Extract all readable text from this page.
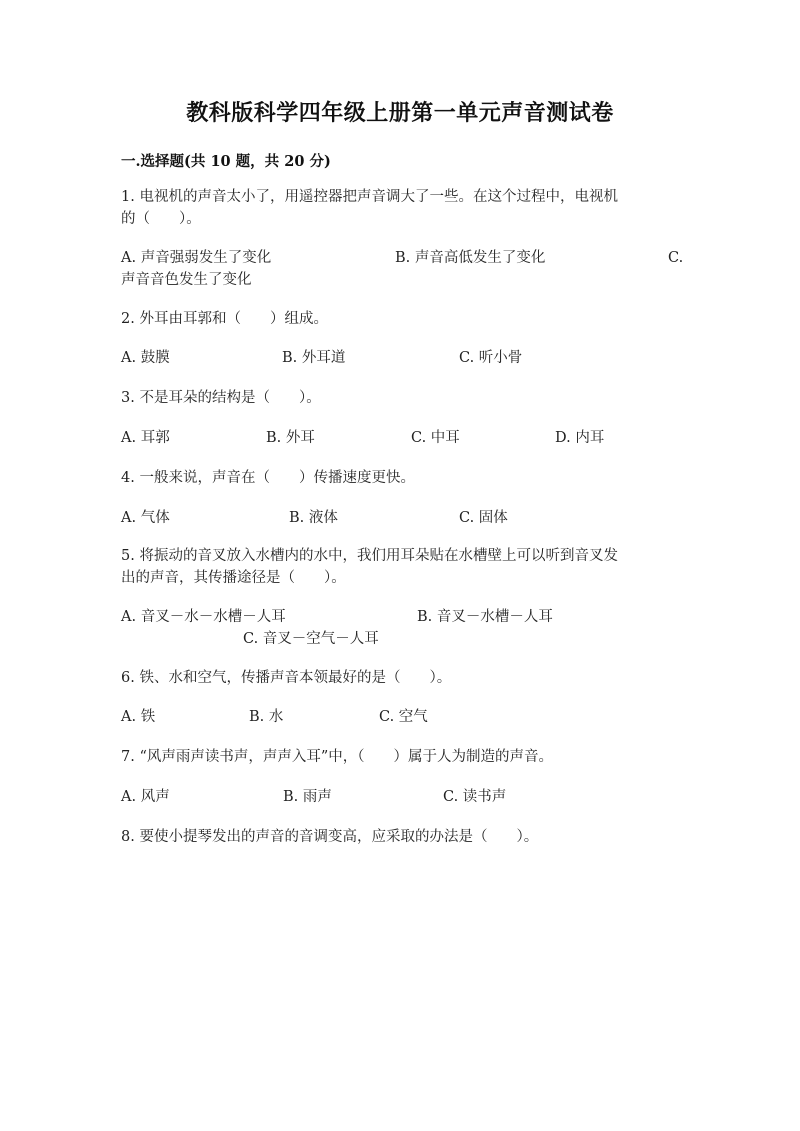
教科版科学四年级上册第一单元声音测试卷
一.选择题(共 10 题，共 20 分)
1. 电视机的声音太小了，用遥控器把声音调大了一些。在这个过程中，电视机
的（　　）。
A. 声音强弱发生了变化	B. 声音高低发生了变化	C.
声音音色发生了变化
2. 外耳由耳郭和（　　）组成。
A. 鼓膜	B. 外耳道	C. 听小骨
3. 不是耳朵的结构是（　　）。
A. 耳郭	B. 外耳	C. 中耳	D. 内耳
4. 一般来说，声音在（　　）传播速度更快。
A. 气体	B. 液体	C. 固体
5. 将振动的音叉放入水槽内的水中，我们用耳朵贴在水槽壁上可以听到音叉发
出的声音，其传播途径是（　　）。
A. 音叉－水－水槽－人耳	B. 音叉－水槽－人耳
C. 音叉－空气－人耳
6. 铁、水和空气，传播声音本领最好的是（　　）。
A. 铁	B. 水	C. 空气
7. “风声雨声读书声，声声入耳”中，（　　）属于人为制造的声音。
A. 风声	B. 雨声	C. 读书声
8. 要使小提琴发出的声音的音调变高，应采取的办法是（　　）。
